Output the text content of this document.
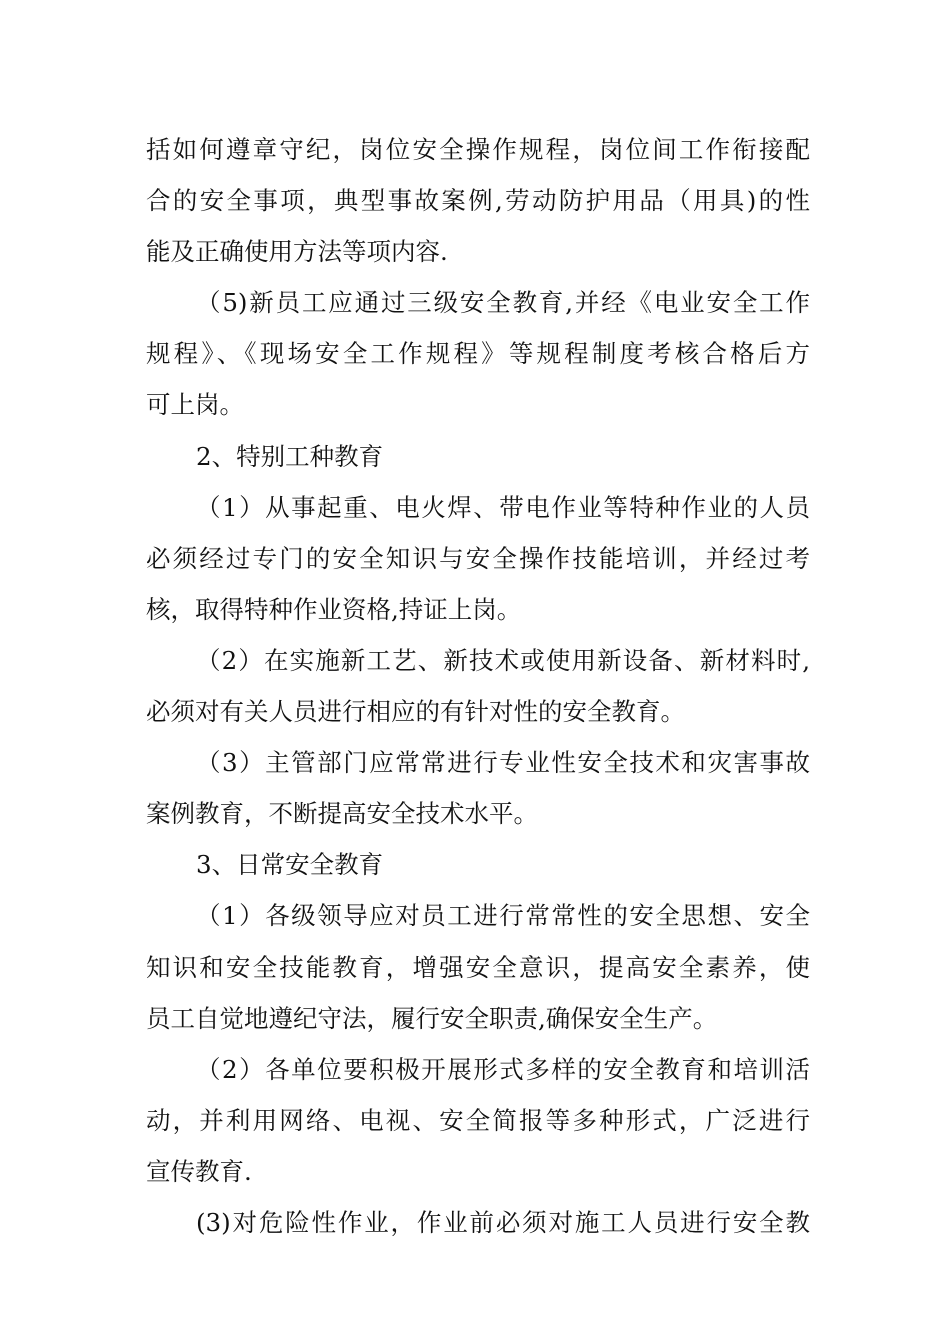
括如何遵章守纪，岗位安全操作规程，岗位间工作衔接配
合的安全事项，典型事故案例,劳动防护用品（用具)的性
能及正确使用方法等项内容.
（5)新员工应通过三级安全教育,并经《电业安全工作
规程》、《现场安全工作规程》等规程制度考核合格后方
可上岗。
2、特别工种教育
（1）从事起重、电火焊、带电作业等特种作业的人员
必须经过专门的安全知识与安全操作技能培训，并经过考
核，取得特种作业资格,持证上岗。
（2）在实施新工艺、新技术或使用新设备、新材料时,
必须对有关人员进行相应的有针对性的安全教育。
（3）主管部门应常常进行专业性安全技术和灾害事故
案例教育，不断提高安全技术水平。
3、日常安全教育
（1）各级领导应对员工进行常常性的安全思想、安全
知识和安全技能教育，增强安全意识，提高安全素养，使
员工自觉地遵纪守法，履行安全职责,确保安全生产。
（2）各单位要积极开展形式多样的安全教育和培训活
动，并利用网络、电视、安全简报等多种形式，广泛进行
宣传教育.
(3)对危险性作业，作业前必须对施工人员进行安全教
